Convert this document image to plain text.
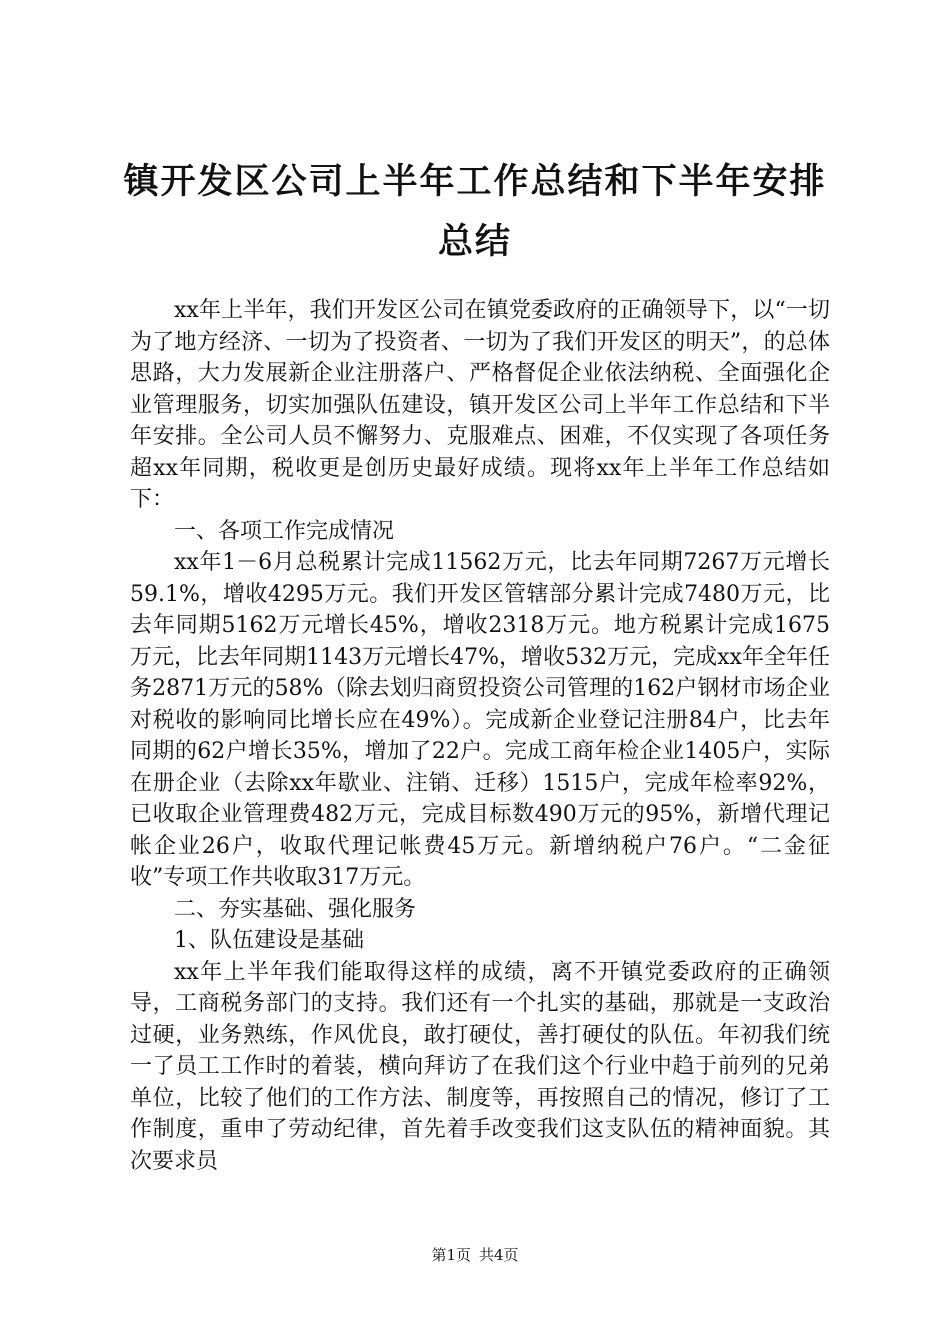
镇开发区公司上半年工作总结和下半年安排总结

xx年上半年，我们开发区公司在镇党委政府的正确领导下，以“一切为了地方经济、一切为了投资者、一切为了我们开发区的明天”，的总体思路，大力发展新企业注册落户、严格督促企业依法纳税、全面强化企业管理服务，切实加强队伍建设，镇开发区公司上半年工作总结和下半年安排。全公司人员不懈努力、克服难点、困难，不仅实现了各项任务超xx年同期，税收更是创历史最好成绩。现将xx年上半年工作总结如下：

一、各项工作完成情况

xx年1－6月总税累计完成11562万元，比去年同期7267万元增长59.1%，增收4295万元。我们开发区管辖部分累计完成7480万元，比去年同期5162万元增长45%，增收2318万元。地方税累计完成1675万元，比去年同期1143万元增长47%，增收532万元，完成xx年全年任务2871万元的58%（除去划归商贸投资公司管理的162户钢材市场企业对税收的影响同比增长应在49%）。完成新企业登记注册84户，比去年同期的62户增长35%，增加了22户。完成工商年检企业1405户，实际在册企业（去除xx年歇业、注销、迁移）1515户，完成年检率92%，已收取企业管理费482万元，完成目标数490万元的95%，新增代理记帐企业26户，收取代理记帐费45万元。新增纳税户76户。“二金征收”专项工作共收取317万元。

二、夯实基础、强化服务

1、队伍建设是基础

xx年上半年我们能取得这样的成绩，离不开镇党委政府的正确领导，工商税务部门的支持。我们还有一个扎实的基础，那就是一支政治过硬，业务熟练，作风优良，敢打硬仗，善打硬仗的队伍。年初我们统一了员工工作时的着装，横向拜访了在我们这个行业中趋于前列的兄弟单位，比较了他们的工作方法、制度等，再按照自己的情况，修订了工作制度，重申了劳动纪律，首先着手改变我们这支队伍的精神面貌。其次要求员

第1页 共4页
